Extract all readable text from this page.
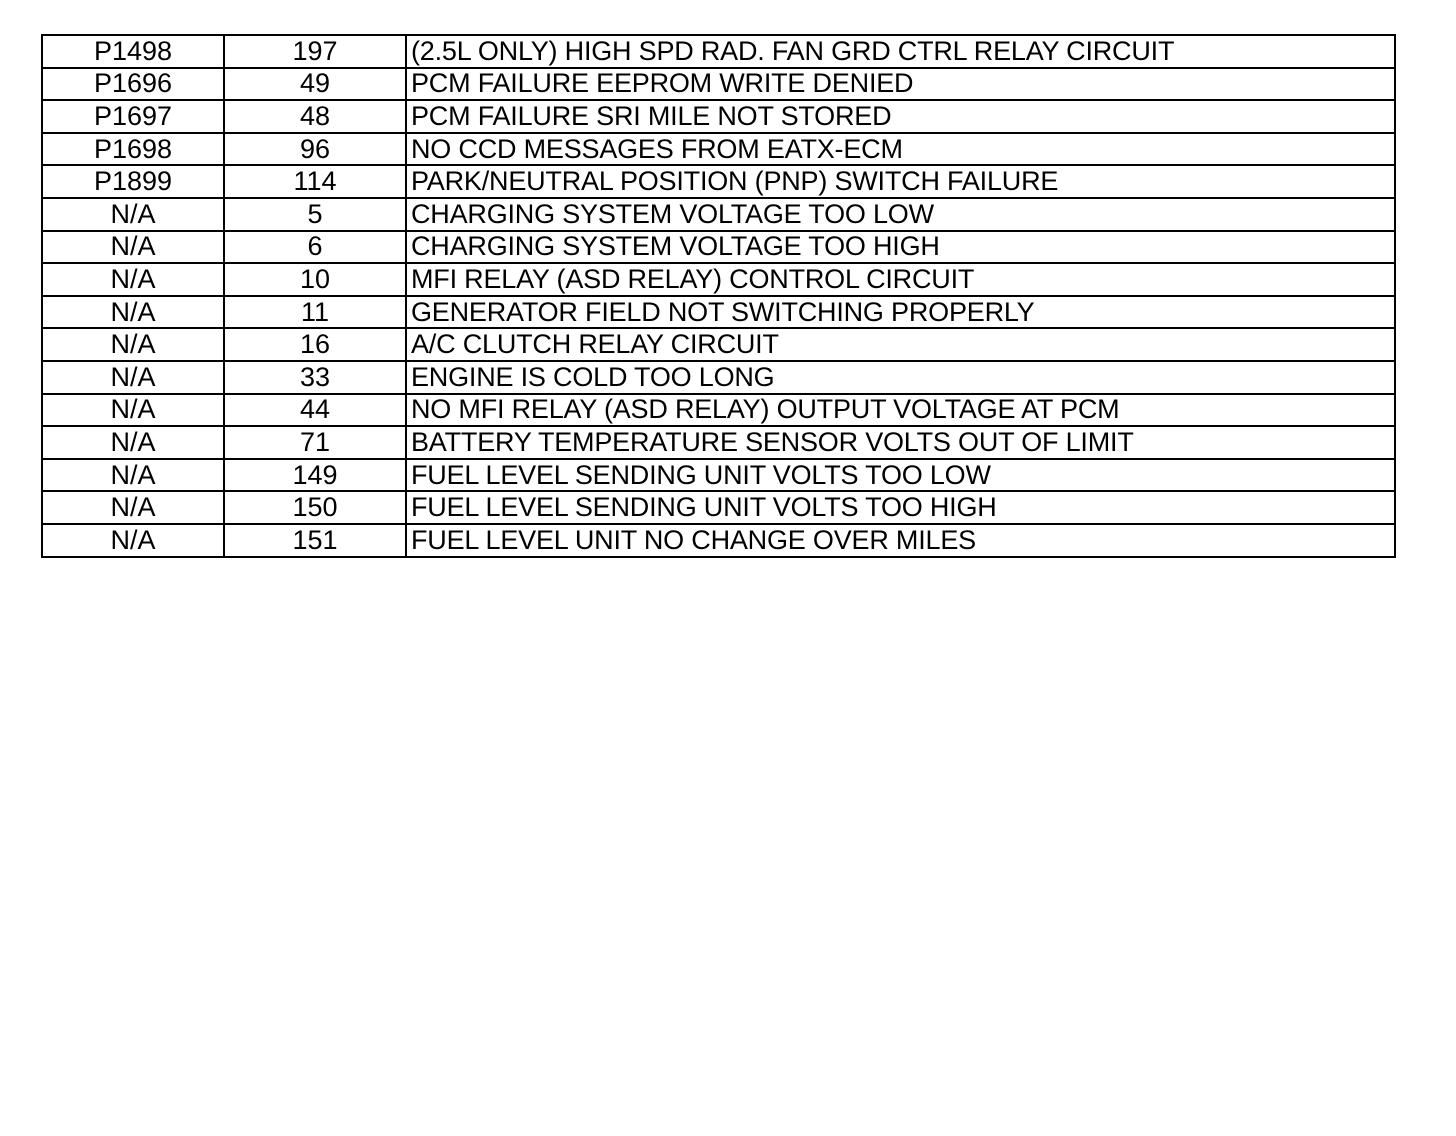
P1498	197	(2.5L ONLY) HIGH SPD RAD. FAN GRD CTRL RELAY CIRCUIT
P1696	49	PCM FAILURE EEPROM WRITE DENIED
P1697	48	PCM FAILURE SRI MILE NOT STORED
P1698	96	NO CCD MESSAGES FROM EATX-ECM
P1899	114	PARK/NEUTRAL POSITION (PNP) SWITCH FAILURE
N/A	5	CHARGING SYSTEM VOLTAGE TOO LOW
N/A	6	CHARGING SYSTEM VOLTAGE TOO HIGH
N/A	10	MFI RELAY (ASD RELAY) CONTROL CIRCUIT
N/A	11	GENERATOR FIELD NOT SWITCHING PROPERLY
N/A	16	A/C CLUTCH RELAY CIRCUIT
N/A	33	ENGINE IS COLD TOO LONG
N/A	44	NO MFI RELAY (ASD RELAY) OUTPUT VOLTAGE AT PCM
N/A	71	BATTERY TEMPERATURE SENSOR VOLTS OUT OF LIMIT
N/A	149	FUEL LEVEL SENDING UNIT VOLTS TOO LOW
N/A	150	FUEL LEVEL SENDING UNIT VOLTS TOO HIGH
N/A	151	FUEL LEVEL UNIT NO CHANGE OVER MILES
